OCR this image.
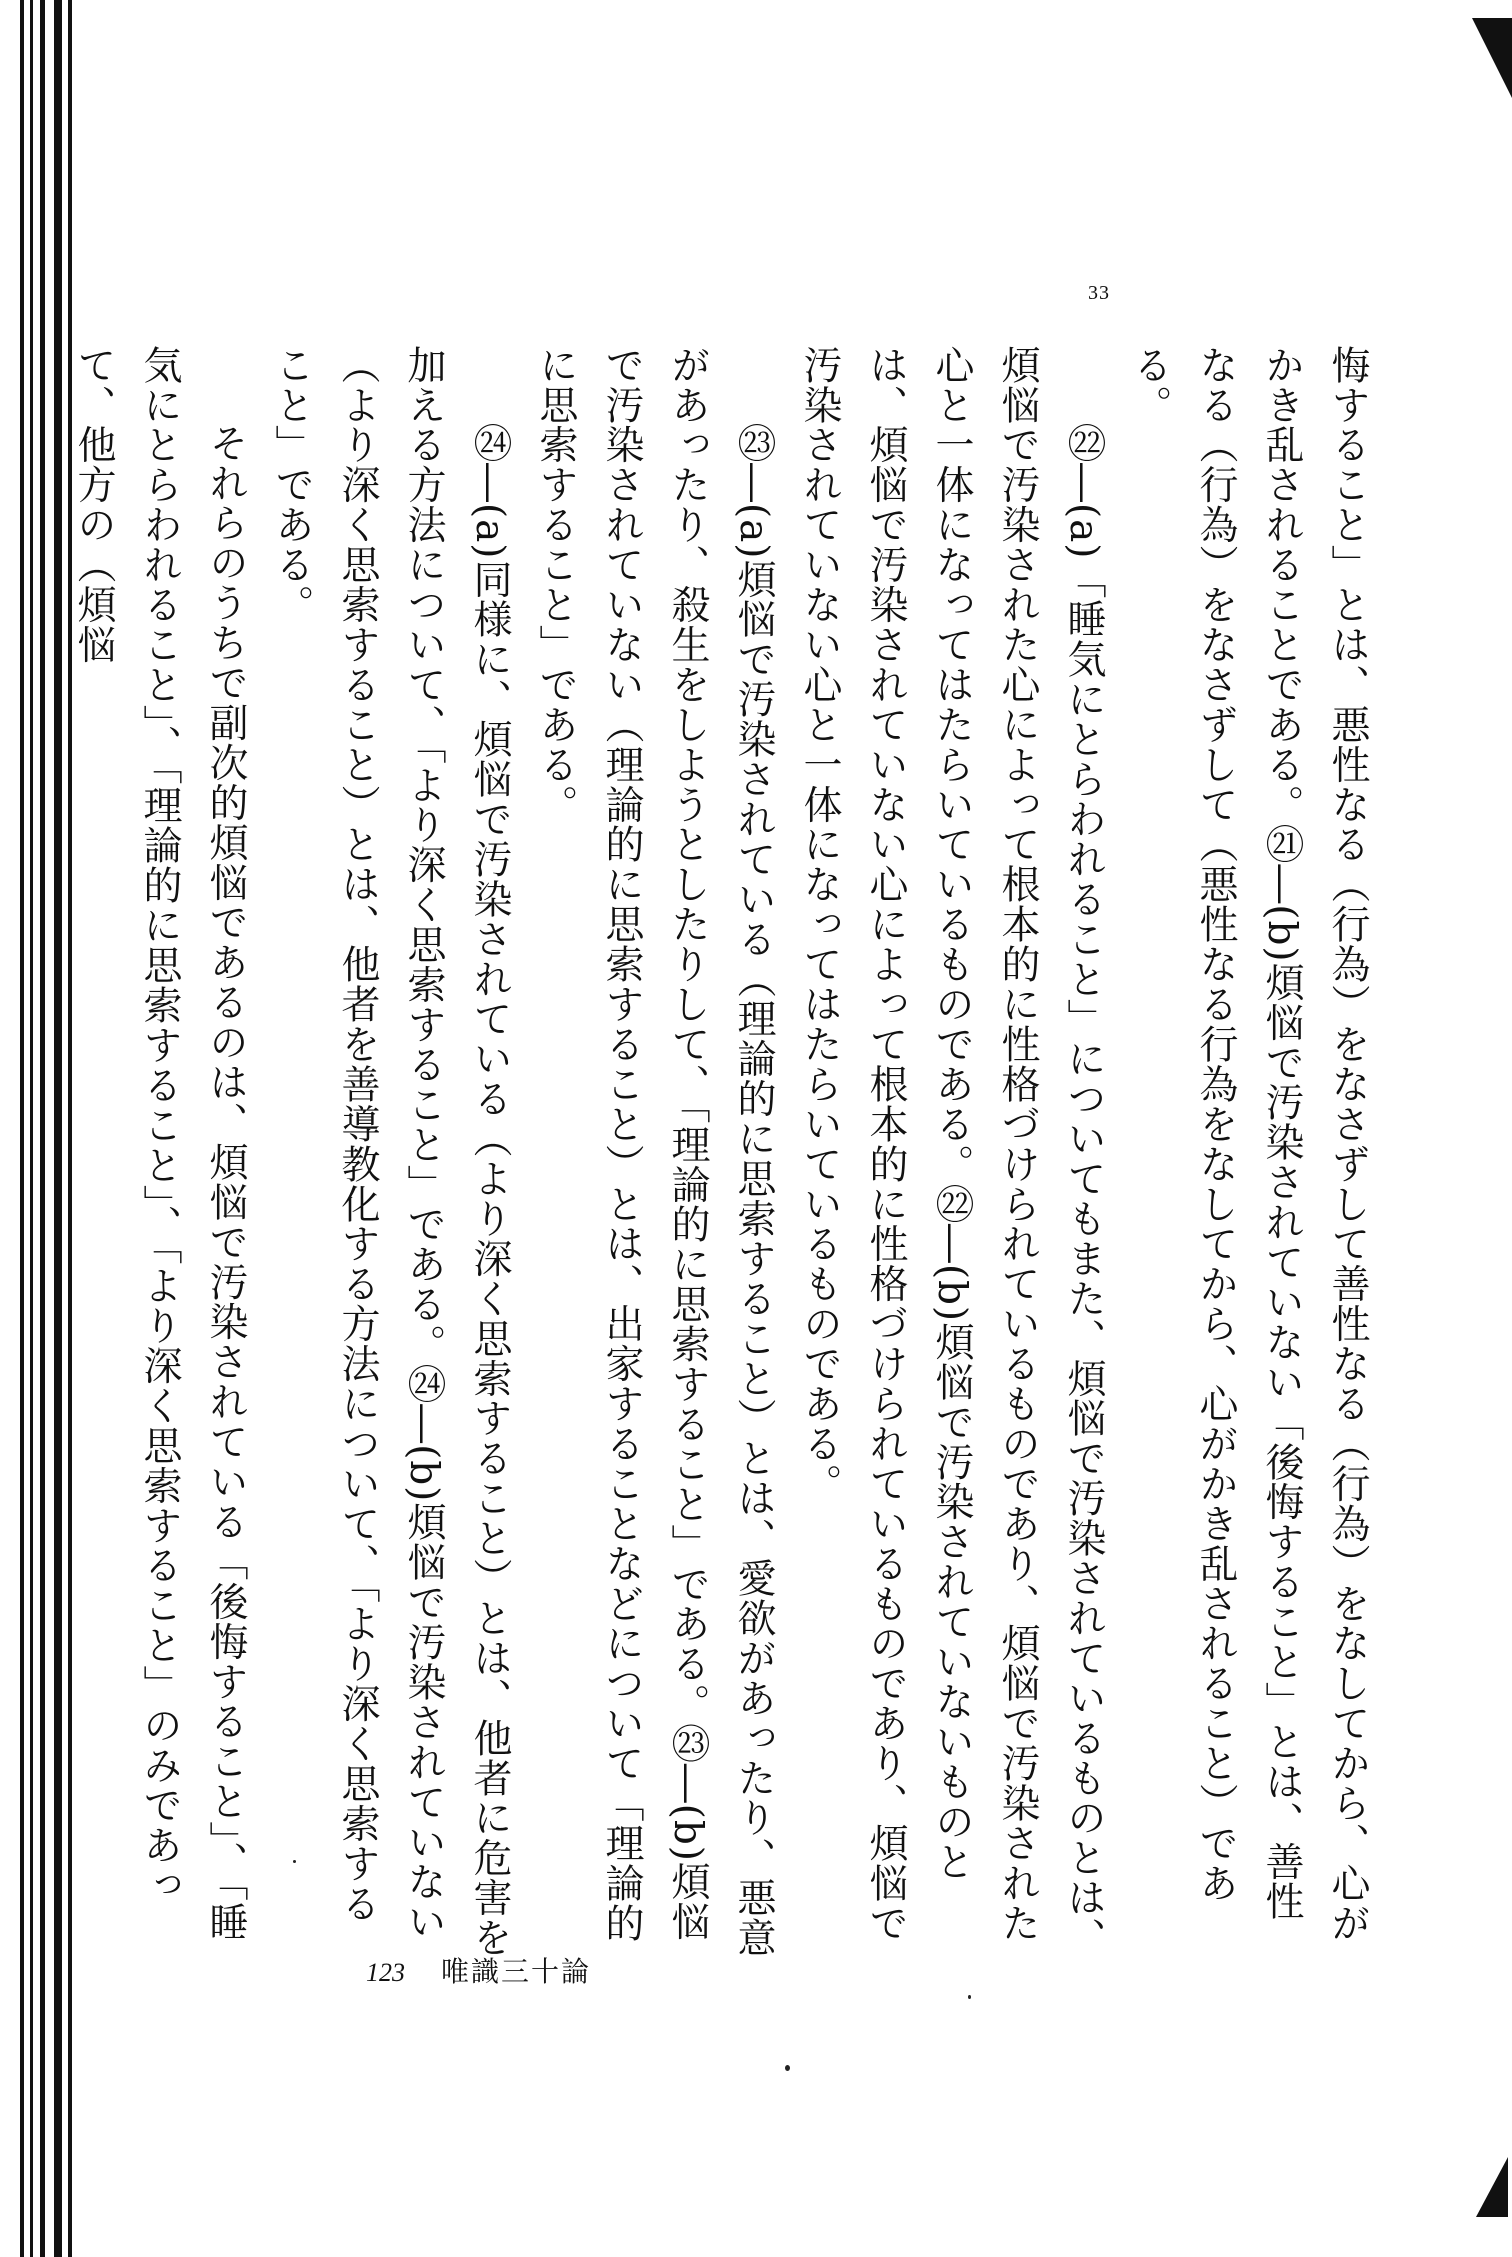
33

悔すること」とは、悪性なる（行為）をなさずして善性なる（行為）をなしてから、心がかき乱されることである。㉑―(b)煩悩で汚染されていない「後悔すること」とは、善性なる（行為）をなさずして（悪性なる行為をなしてから、心がかき乱されること）である。

㉒―(a)「睡気にとらわれること」についてもまた、煩悩で汚染されているものとは、煩悩で汚染された心によって根本的に性格づけられているものであり、煩悩で汚染された心と一体になってはたらいているものである。㉒―(b)煩悩で汚染されていないものとは、煩悩で汚染されていない心によって根本的に性格づけられているものであり、煩悩で汚染されていない心と一体になってはたらいているものである。

㉓―(a)煩悩で汚染されている（理論的に思索すること）とは、愛欲があったり、悪意があったり、殺生をしようとしたりして、「理論的に思索すること」である。㉓―(b)煩悩で汚染されていない（理論的に思索すること）とは、出家することなどについて「理論的に思索すること」である。

㉔―(a)同様に、煩悩で汚染されている（より深く思索すること）とは、他者に危害を加える方法について、「より深く思索すること」である。㉔―(b)煩悩で汚染されていない（より深く思索すること）とは、他者を善導教化する方法について、「より深く思索すること」である。

それらのうちで副次的煩悩であるのは、煩悩で汚染されている「後悔すること」、「睡気にとらわれること」、「理論的に思索すること」、「より深く思索すること」のみであって、他方の（煩悩

123 唯識三十論
